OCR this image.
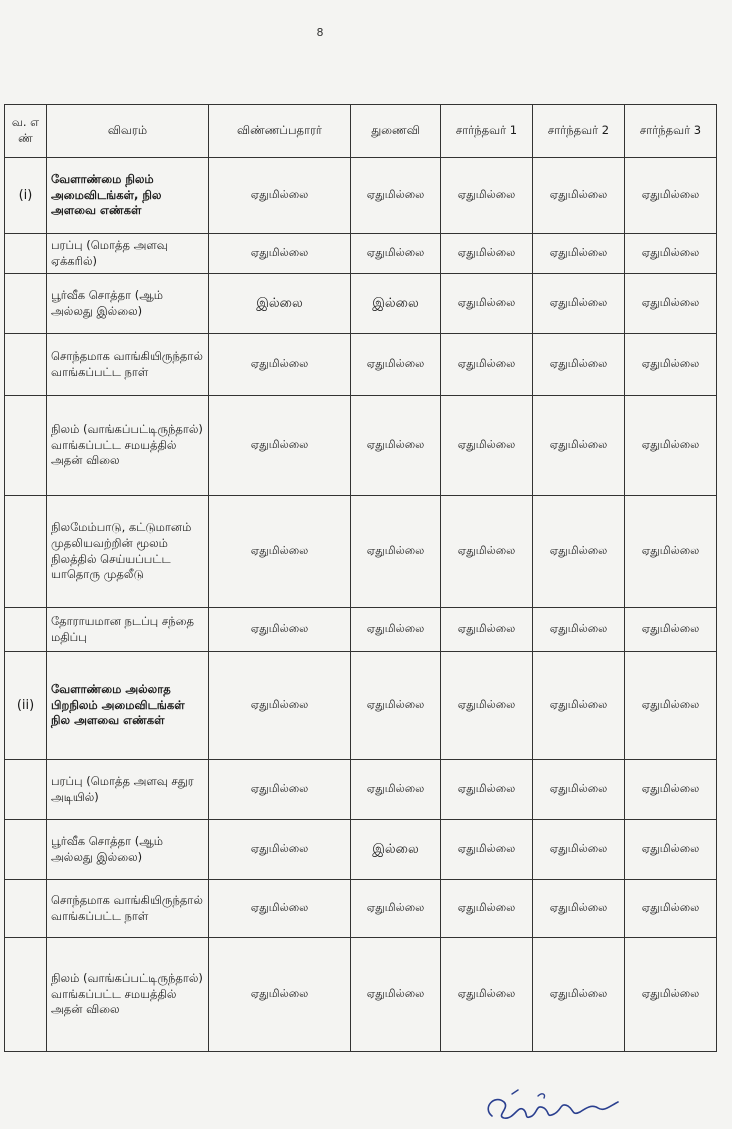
8
வ. எ ண்	விவரம்	விண்ணப்பதாரர்	துணைவி	சார்ந்தவர் 1	சார்ந்தவர் 2	சார்ந்தவர் 3
(i)	வேளாண்மை நிலம் அமைவிடங்கள், நில அளவை எண்கள்	ஏதுமில்லை	ஏதுமில்லை	ஏதுமில்லை	ஏதுமில்லை	ஏதுமில்லை
	பரப்பு (மொத்த அளவு ஏக்கரில்)	ஏதுமில்லை	ஏதுமில்லை	ஏதுமில்லை	ஏதுமில்லை	ஏதுமில்லை
	பூர்வீக சொத்தா (ஆம் அல்லது இல்லை)	இல்லை	இல்லை	ஏதுமில்லை	ஏதுமில்லை	ஏதுமில்லை
	சொந்தமாக வாங்கியிருந்தால் வாங்கப்பட்ட நாள்	ஏதுமில்லை	ஏதுமில்லை	ஏதுமில்லை	ஏதுமில்லை	ஏதுமில்லை
	நிலம் (வாங்கப்பட்டிருந்தால்) வாங்கப்பட்ட சமயத்தில் அதன் விலை	ஏதுமில்லை	ஏதுமில்லை	ஏதுமில்லை	ஏதுமில்லை	ஏதுமில்லை
	நிலமேம்பாடு, கட்டுமானம் முதலியவற்றின் மூலம் நிலத்தில் செய்யப்பட்ட யாதொரு முதலீடு	ஏதுமில்லை	ஏதுமில்லை	ஏதுமில்லை	ஏதுமில்லை	ஏதுமில்லை
	தோராயமான நடப்பு சந்தை மதிப்பு	ஏதுமில்லை	ஏதுமில்லை	ஏதுமில்லை	ஏதுமில்லை	ஏதுமில்லை
(ii)	வேளாண்மை அல்லாத பிறநிலம் அமைவிடங்கள் நில அளவை எண்கள்	ஏதுமில்லை	ஏதுமில்லை	ஏதுமில்லை	ஏதுமில்லை	ஏதுமில்லை
	பரப்பு (மொத்த அளவு சதுர அடியில்)	ஏதுமில்லை	ஏதுமில்லை	ஏதுமில்லை	ஏதுமில்லை	ஏதுமில்லை
	பூர்வீக சொத்தா (ஆம் அல்லது இல்லை)	ஏதுமில்லை	இல்லை	ஏதுமில்லை	ஏதுமில்லை	ஏதுமில்லை
	சொந்தமாக வாங்கியிருந்தால் வாங்கப்பட்ட நாள்	ஏதுமில்லை	ஏதுமில்லை	ஏதுமில்லை	ஏதுமில்லை	ஏதுமில்லை
	நிலம் (வாங்கப்பட்டிருந்தால்) வாங்கப்பட்ட சமயத்தில் அதன் விலை	ஏதுமில்லை	ஏதுமில்லை	ஏதுமில்லை	ஏதுமில்லை	ஏதுமில்லை
